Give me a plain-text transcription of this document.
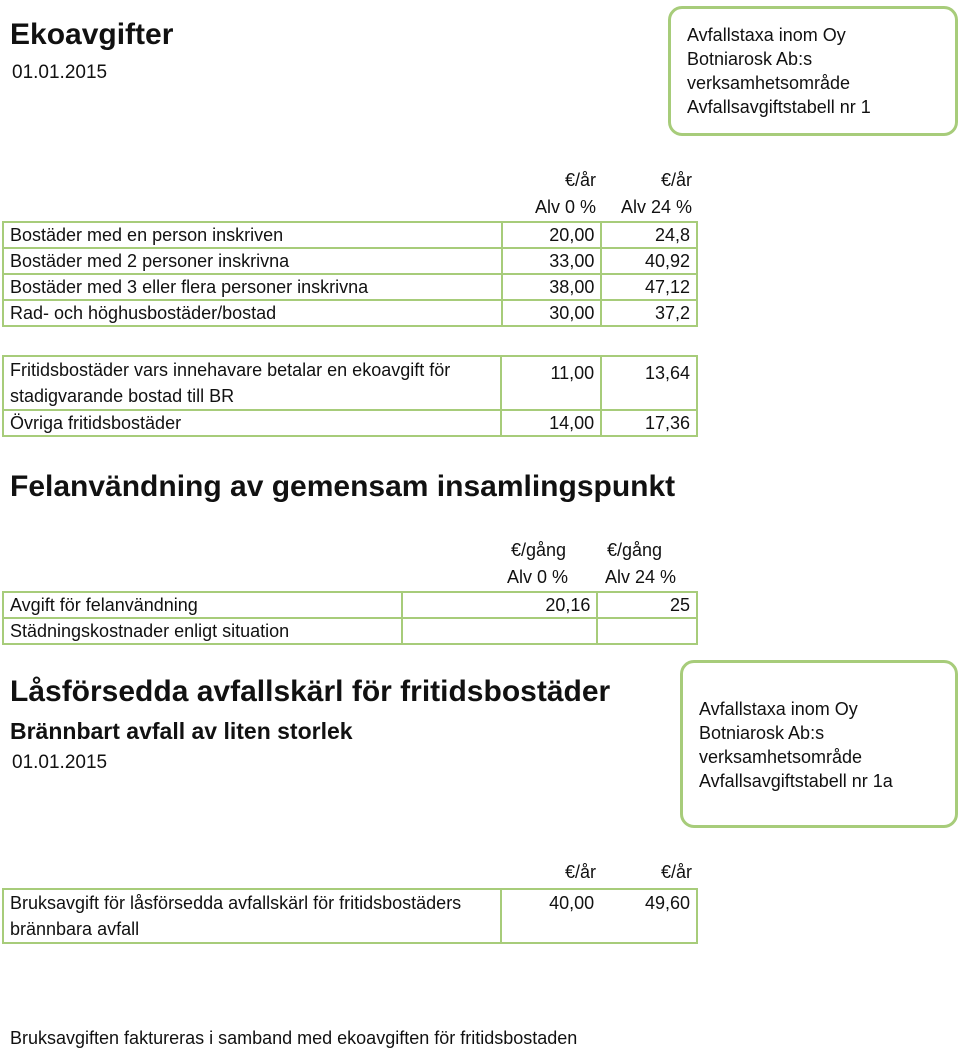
Ekoavgifter
01.01.2015
Avfallstaxa inom Oy
Botniarosk Ab:s
verksamhetsområde
Avfallsavgiftstabell nr 1
€/år	€/år
Alv 0 %	Alv 24 %
Bostäder med en person inskriven	20,00	24,8
Bostäder med 2 personer inskrivna	33,00	40,92
Bostäder med 3 eller flera personer inskrivna	38,00	47,12
Rad- och höghusbostäder/bostad	30,00	37,2
Fritidsbostäder vars innehavare betalar en ekoavgift för stadigvarande bostad till BR	11,00	13,64
Övriga fritidsbostäder	14,00	17,36
Felanvändning av gemensam insamlingspunkt
€/gång	€/gång
Alv 0 %	Alv 24 %
Avgift för felanvändning	20,16	25
Städningskostnader enligt situation		
Låsförsedda avfallskärl för fritidsbostäder
Brännbart avfall av liten storlek
01.01.2015
Avfallstaxa inom Oy
Botniarosk Ab:s
verksamhetsområde
Avfallsavgiftstabell nr 1a
€/år	€/år
Bruksavgift för låsförsedda avfallskärl för fritidsbostäders brännbara avfall	40,00	49,60
Bruksavgiften faktureras i samband med ekoavgiften för fritidsbostaden
